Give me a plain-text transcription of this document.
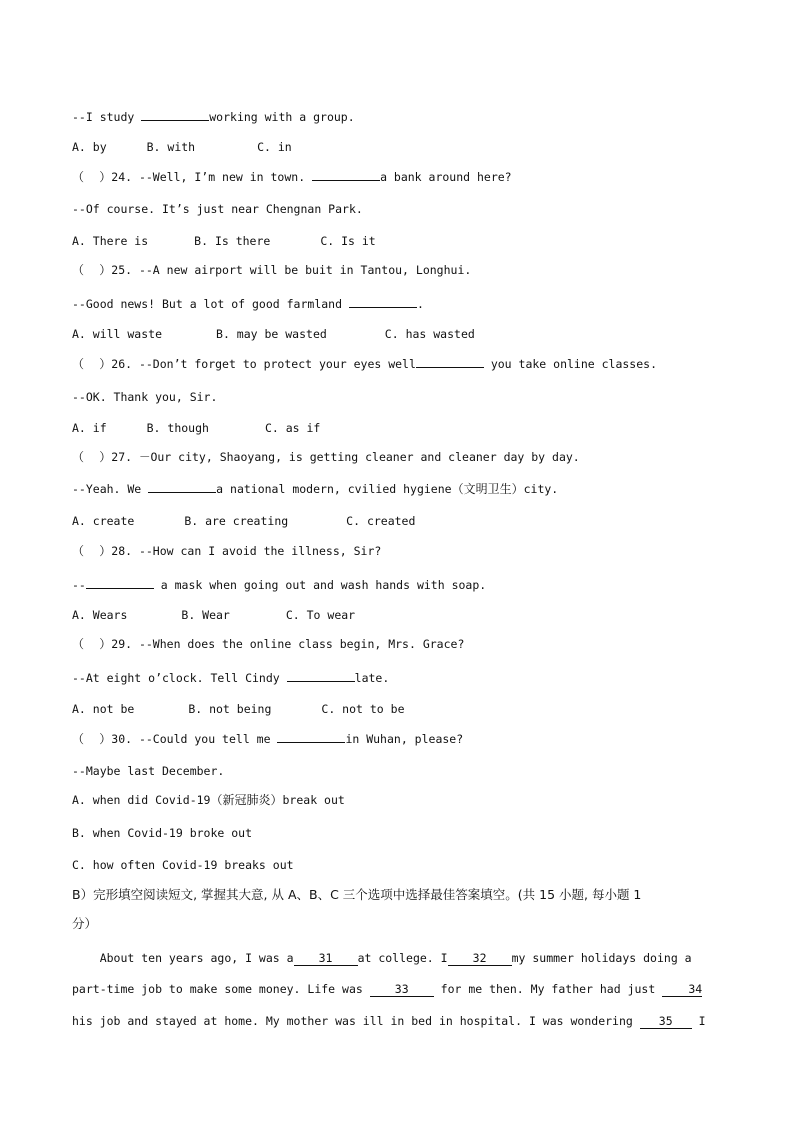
--I study	working with a group.
A. by	B. with	C. in
（    ）24. --Well, I’m new in town.	a bank around here?
--Of course. It’s just near Chengnan Park.
A. There is	B. Is there	C. Is it
（    ）25. --A new airport will be buit in Tantou, Longhui.
--Good news! But a lot of good farmland	.
A. will waste	B. may be wasted	C. has wasted
（    ）26. --Don’t forget to protect your eyes well	you take online classes.
--OK. Thank you, Sir.
A. if	B. though	C. as if
（    ）27. －Our city, Shaoyang, is getting cleaner and cleaner day by day.
--Yeah. We	a national modern, cvilied hygiene（文明卫生）city.
A. create	B. are creating	C. created
（    ）28. --How can I avoid the illness, Sir?
--	a mask when going out and wash hands with soap.
A. Wears	B. Wear	C. To wear
（    ）29. --When does the online class begin, Mrs. Grace?
--At eight o’clock. Tell Cindy	late.
A. not be	B. not being	C. not to be
（    ）30. --Could you tell me	in Wuhan, please?
--Maybe last December.
A. when did Covid-19（新冠肺炎）break out
B. when Covid-19 broke out
C. how often Covid-19 breaks out
B）完形填空阅读短文, 掌握其大意, 从 A、B、C 三个选项中选择最佳答案填空。(共 15 小题, 每小题 1
分）
About ten years ago, I was a 31 at college. I 32 my summer holidays doing a
part-time job to make some money. Life was 33 for me then. My father had just 34
his job and stayed at home. My mother was ill in bed in hospital. I was wondering 35 I
